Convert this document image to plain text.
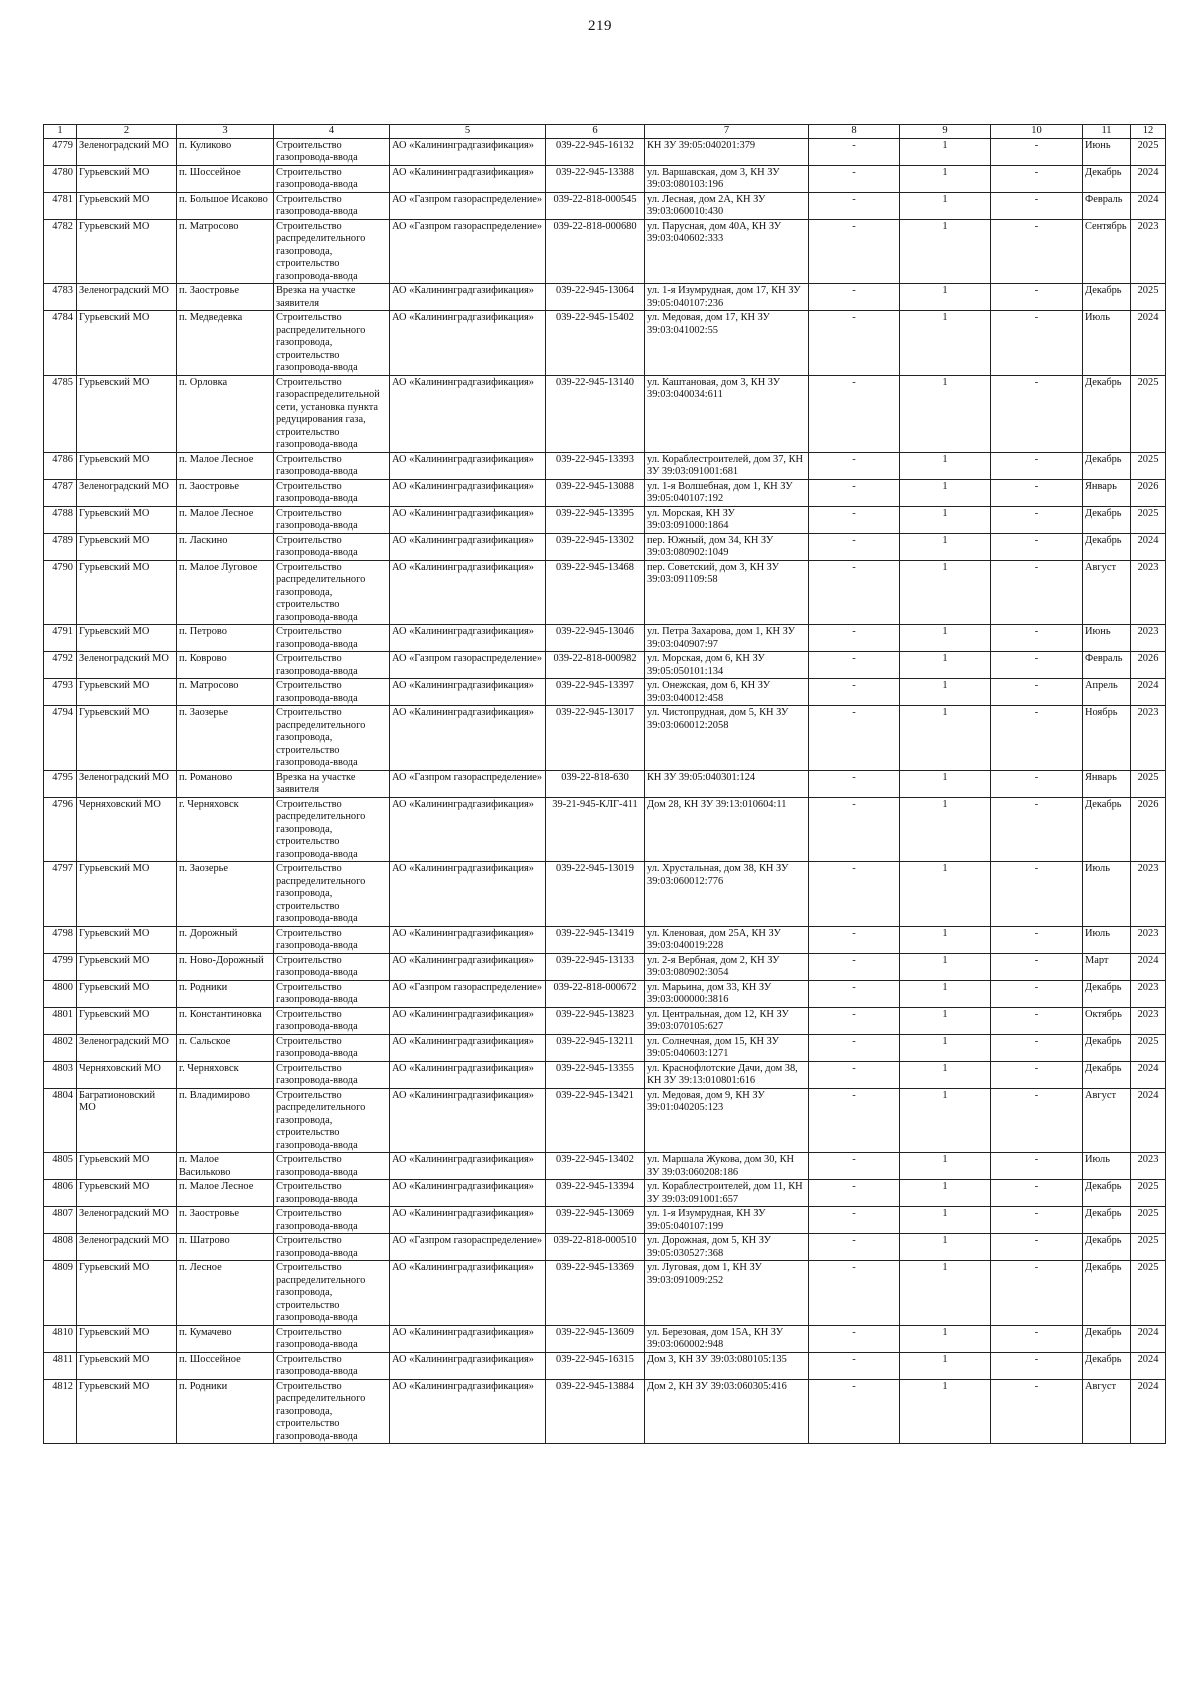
219
1	2	3	4	5	6	7	8	9	10	11	12
4779	Зеленоградский МО	п. Куликово	Строительство газопровода-ввода	АО «Калининградгазификация»	039-22-945-16132	КН ЗУ 39:05:040201:379	-	1	-	Июнь	2025
4780	Гурьевский МО	п. Шоссейное	Строительство газопровода-ввода	АО «Калининградгазификация»	039-22-945-13388	ул. Варшавская, дом 3, КН ЗУ 39:03:080103:196	-	1	-	Декабрь	2024
4781	Гурьевский МО	п. Большое Исаково	Строительство газопровода-ввода	АО «Газпром газораспределение»	039-22-818-000545	ул. Лесная, дом 2А, КН ЗУ 39:03:060010:430	-	1	-	Февраль	2024
4782	Гурьевский МО	п. Матросово	Строительство распределительного газопровода, строительство газопровода-ввода	АО «Газпром газораспределение»	039-22-818-000680	ул. Парусная, дом 40А, КН ЗУ 39:03:040602:333	-	1	-	Сентябрь	2023
4783	Зеленоградский МО	п. Заостровье	Врезка на участке заявителя	АО «Калининградгазификация»	039-22-945-13064	ул. 1-я Изумрудная, дом 17, КН ЗУ 39:05:040107:236	-	1	-	Декабрь	2025
4784	Гурьевский МО	п. Медведевка	Строительство распределительного газопровода, строительство газопровода-ввода	АО «Калининградгазификация»	039-22-945-15402	ул. Медовая, дом 17, КН ЗУ 39:03:041002:55	-	1	-	Июль	2024
4785	Гурьевский МО	п. Орловка	Строительство газораспределительной сети, установка пункта редуцирования газа, строительство газопровода-ввода	АО «Калининградгазификация»	039-22-945-13140	ул. Каштановая, дом 3, КН ЗУ 39:03:040034:611	-	1	-	Декабрь	2025
4786	Гурьевский МО	п. Малое Лесное	Строительство газопровода-ввода	АО «Калининградгазификация»	039-22-945-13393	ул. Кораблестроителей, дом 37, КН ЗУ 39:03:091001:681	-	1	-	Декабрь	2025
4787	Зеленоградский МО	п. Заостровье	Строительство газопровода-ввода	АО «Калининградгазификация»	039-22-945-13088	ул. 1-я Волшебная, дом 1, КН ЗУ 39:05:040107:192	-	1	-	Январь	2026
4788	Гурьевский МО	п. Малое Лесное	Строительство газопровода-ввода	АО «Калининградгазификация»	039-22-945-13395	ул. Морская, КН ЗУ 39:03:091000:1864	-	1	-	Декабрь	2025
4789	Гурьевский МО	п. Ласкино	Строительство газопровода-ввода	АО «Калининградгазификация»	039-22-945-13302	пер. Южный, дом 34, КН ЗУ 39:03:080902:1049	-	1	-	Декабрь	2024
4790	Гурьевский МО	п. Малое Луговое	Строительство распределительного газопровода, строительство газопровода-ввода	АО «Калининградгазификация»	039-22-945-13468	пер. Советский, дом 3, КН ЗУ 39:03:091109:58	-	1	-	Август	2023
4791	Гурьевский МО	п. Петрово	Строительство газопровода-ввода	АО «Калининградгазификация»	039-22-945-13046	ул. Петра Захарова, дом 1, КН ЗУ 39:03:040907:97	-	1	-	Июнь	2023
4792	Зеленоградский МО	п. Коврово	Строительство газопровода-ввода	АО «Газпром газораспределение»	039-22-818-000982	ул. Морская, дом 6, КН ЗУ 39:05:050101:134	-	1	-	Февраль	2026
4793	Гурьевский МО	п. Матросово	Строительство газопровода-ввода	АО «Калининградгазификация»	039-22-945-13397	ул. Онежская, дом 6, КН ЗУ 39:03:040012:458	-	1	-	Апрель	2024
4794	Гурьевский МО	п. Заозерье	Строительство распределительного газопровода, строительство газопровода-ввода	АО «Калининградгазификация»	039-22-945-13017	ул. Чистопрудная, дом 5, КН ЗУ 39:03:060012:2058	-	1	-	Ноябрь	2023
4795	Зеленоградский МО	п. Романово	Врезка на участке заявителя	АО «Газпром газораспределение»	039-22-818-630	КН ЗУ 39:05:040301:124	-	1	-	Январь	2025
4796	Черняховский МО	г. Черняховск	Строительство распределительного газопровода, строительство газопровода-ввода	АО «Калининградгазификация»	39-21-945-КЛГ-411	Дом 28, КН ЗУ 39:13:010604:11	-	1	-	Декабрь	2026
4797	Гурьевский МО	п. Заозерье	Строительство распределительного газопровода, строительство газопровода-ввода	АО «Калининградгазификация»	039-22-945-13019	ул. Хрустальная, дом 38, КН ЗУ 39:03:060012:776	-	1	-	Июль	2023
4798	Гурьевский МО	п. Дорожный	Строительство газопровода-ввода	АО «Калининградгазификация»	039-22-945-13419	ул. Кленовая, дом 25А, КН ЗУ 39:03:040019:228	-	1	-	Июль	2023
4799	Гурьевский МО	п. Ново-Дорожный	Строительство газопровода-ввода	АО «Калининградгазификация»	039-22-945-13133	ул. 2-я Вербная, дом 2, КН ЗУ 39:03:080902:3054	-	1	-	Март	2024
4800	Гурьевский МО	п. Родники	Строительство газопровода-ввода	АО «Газпром газораспределение»	039-22-818-000672	ул. Марьина, дом 33, КН ЗУ 39:03:000000:3816	-	1	-	Декабрь	2023
4801	Гурьевский МО	п. Константиновка	Строительство газопровода-ввода	АО «Калининградгазификация»	039-22-945-13823	ул. Центральная, дом 12, КН ЗУ 39:03:070105:627	-	1	-	Октябрь	2023
4802	Зеленоградский МО	п. Сальское	Строительство газопровода-ввода	АО «Калининградгазификация»	039-22-945-13211	ул. Солнечная, дом 15, КН ЗУ 39:05:040603:1271	-	1	-	Декабрь	2025
4803	Черняховский МО	г. Черняховск	Строительство газопровода-ввода	АО «Калининградгазификация»	039-22-945-13355	ул. Краснофлотские Дачи, дом 38, КН ЗУ 39:13:010801:616	-	1	-	Декабрь	2024
4804	Багратионовский МО	п. Владимирово	Строительство распределительного газопровода, строительство газопровода-ввода	АО «Калининградгазификация»	039-22-945-13421	ул. Медовая, дом 9, КН ЗУ 39:01:040205:123	-	1	-	Август	2024
4805	Гурьевский МО	п. Малое Васильково	Строительство газопровода-ввода	АО «Калининградгазификация»	039-22-945-13402	ул. Маршала Жукова, дом 30, КН ЗУ 39:03:060208:186	-	1	-	Июль	2023
4806	Гурьевский МО	п. Малое Лесное	Строительство газопровода-ввода	АО «Калининградгазификация»	039-22-945-13394	ул. Кораблестроителей, дом 11, КН ЗУ 39:03:091001:657	-	1	-	Декабрь	2025
4807	Зеленоградский МО	п. Заостровье	Строительство газопровода-ввода	АО «Калининградгазификация»	039-22-945-13069	ул. 1-я Изумрудная, КН ЗУ 39:05:040107:199	-	1	-	Декабрь	2025
4808	Зеленоградский МО	п. Шатрово	Строительство газопровода-ввода	АО «Газпром газораспределение»	039-22-818-000510	ул. Дорожная, дом 5, КН ЗУ 39:05:030527:368	-	1	-	Декабрь	2025
4809	Гурьевский МО	п. Лесное	Строительство распределительного газопровода, строительство газопровода-ввода	АО «Калининградгазификация»	039-22-945-13369	ул. Луговая, дом 1, КН ЗУ 39:03:091009:252	-	1	-	Декабрь	2025
4810	Гурьевский МО	п. Кумачево	Строительство газопровода-ввода	АО «Калининградгазификация»	039-22-945-13609	ул. Березовая, дом 15А, КН ЗУ 39:03:060002:948	-	1	-	Декабрь	2024
4811	Гурьевский МО	п. Шоссейное	Строительство газопровода-ввода	АО «Калининградгазификация»	039-22-945-16315	Дом 3, КН ЗУ 39:03:080105:135	-	1	-	Декабрь	2024
4812	Гурьевский МО	п. Родники	Строительство распределительного газопровода, строительство газопровода-ввода	АО «Калининградгазификация»	039-22-945-13884	Дом 2, КН ЗУ 39:03:060305:416	-	1	-	Август	2024
